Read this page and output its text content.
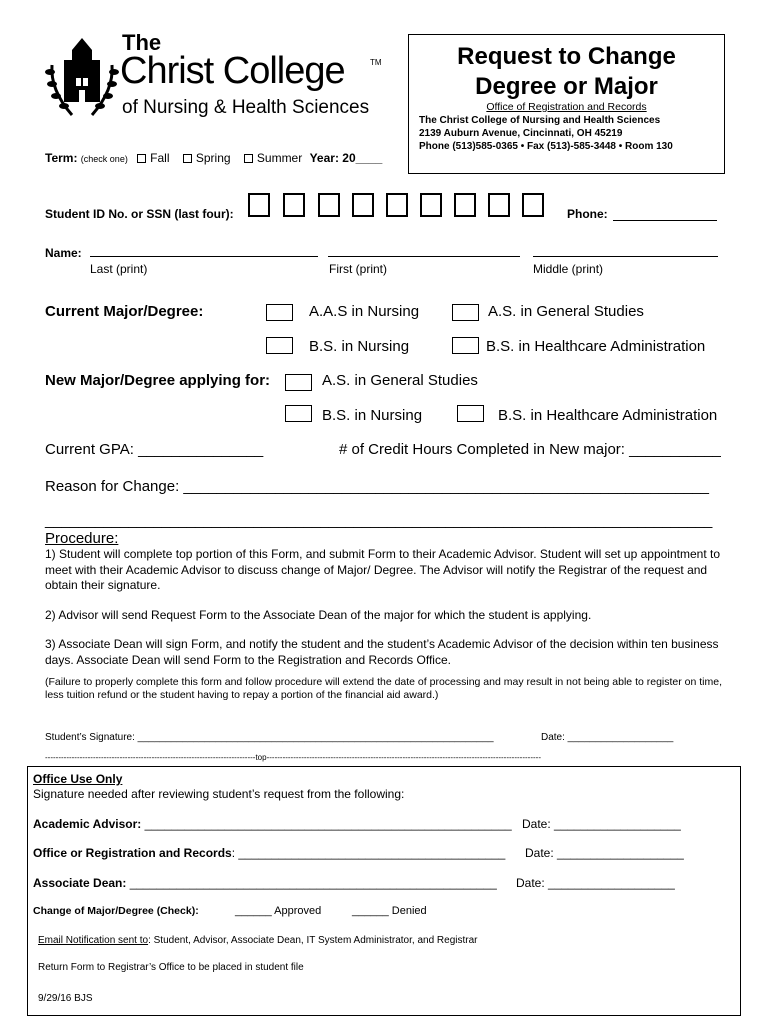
The
Christ College	TM
of Nursing & Health Sciences
Request to Change
Degree or Major
Office of Registration and Records
The Christ College of Nursing and Health Sciences
2139 Auburn Avenue, Cincinnati, OH 45219
Phone (513)585-0365 • Fax (513)-585-3448 • Room 130
Term: (check one) Fall Spring Summer Year: 20____
Student ID No. or SSN (last four):	Phone:
Name:
Last (print)	First (print)	Middle (print)
Current Major/Degree:	A.A.S in Nursing	A.S. in General Studies
B.S. in Nursing	B.S. in Healthcare Administration
New Major/Degree applying for:	A.S. in General Studies
B.S. in Nursing	B.S. in Healthcare Administration
Current GPA: _______________	# of Credit Hours Completed in New major: ___________
Reason for Change: _______________________________________________________________
________________________________________________________________________________
Procedure:
1) Student will complete top portion of this Form, and submit Form to their Academic Advisor. Student will set up appointment to meet with their Academic Advisor to discuss change of Major/ Degree. The Advisor will notify the Registrar of the request and obtain their signature.
2) Advisor will send Request Form to the Associate Dean of the major for which the student is applying.
3) Associate Dean will sign Form, and notify the student and the student’s Academic Advisor of the decision within ten business days. Associate Dean will send Form to the Registration and Records Office.
(Failure to properly complete this form and follow procedure will extend the date of processing and may result in not being able to register on time, less tuition refund or the student having to repay a portion of the financial aid award.)
Student’s Signature: ________________________________________________________________	Date: ___________________
-------------------------------------------------------------------------------top-------------------------------------------------------------------------------------------------------
Office Use Only
Signature needed after reviewing student’s request from the following:
Academic Advisor: _______________________________________________________ Date: ___________________
Office or Registration and Records: ________________________________________ Date: ___________________
Associate Dean: _______________________________________________________ Date: ___________________
Change of Major/Degree (Check):	______ Approved	______ Denied
Email Notification sent to: Student, Advisor, Associate Dean, IT System Administrator, and Registrar
Return Form to Registrar’s Office to be placed in student file
9/29/16 BJS
